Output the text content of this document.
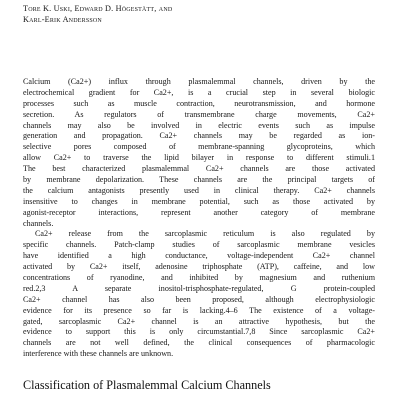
Tore K. Uski, Edward D. Högestätt, and
Karl-Erik Andersson
Calcium (Ca2+) influx through plasmalemmal channels, driven by the
electrochemical gradient for Ca2+, is a crucial step in several biologic
processes such as muscle contraction, neurotransmission, and hormone
secretion. As regulators of transmembrane charge movements, Ca2+
channels may also be involved in electric events such as impulse
generation and propagation. Ca2+ channels may be regarded as ion-
selective pores composed of membrane-spanning glycoproteins, which
allow Ca2+ to traverse the lipid bilayer in response to different stimuli.1
The best characterized plasmalemmal Ca2+ channels are those activated
by membrane depolarization. These channels are the principal targets of
the calcium antagonists presently used in clinical therapy. Ca2+ channels
insensitive to changes in membrane potential, such as those activated by
agonist-receptor interactions, represent another category of membrane
channels.
Ca2+ release from the sarcoplasmic reticulum is also regulated by
specific channels. Patch-clamp studies of sarcoplasmic membrane vesicles
have identified a high conductance, voltage-independent Ca2+ channel
activated by Ca2+ itself, adenosine triphosphate (ATP), caffeine, and low
concentrations of ryanodine, and inhibited by magnesium and ruthenium
red.2,3 A separate inositol-trisphosphate-regulated, G protein-coupled
Ca2+ channel has also been proposed, although electrophysiologic
evidence for its presence so far is lacking.4–6 The existence of a voltage-
gated, sarcoplasmic Ca2+ channel is an attractive hypothesis, but the
evidence to support this is only circumstantial.7,8 Since sarcoplasmic Ca2+
channels are not well defined, the clinical consequences of pharmacologic
interference with these channels are unknown.
Classification of Plasmalemmal Calcium Channels
